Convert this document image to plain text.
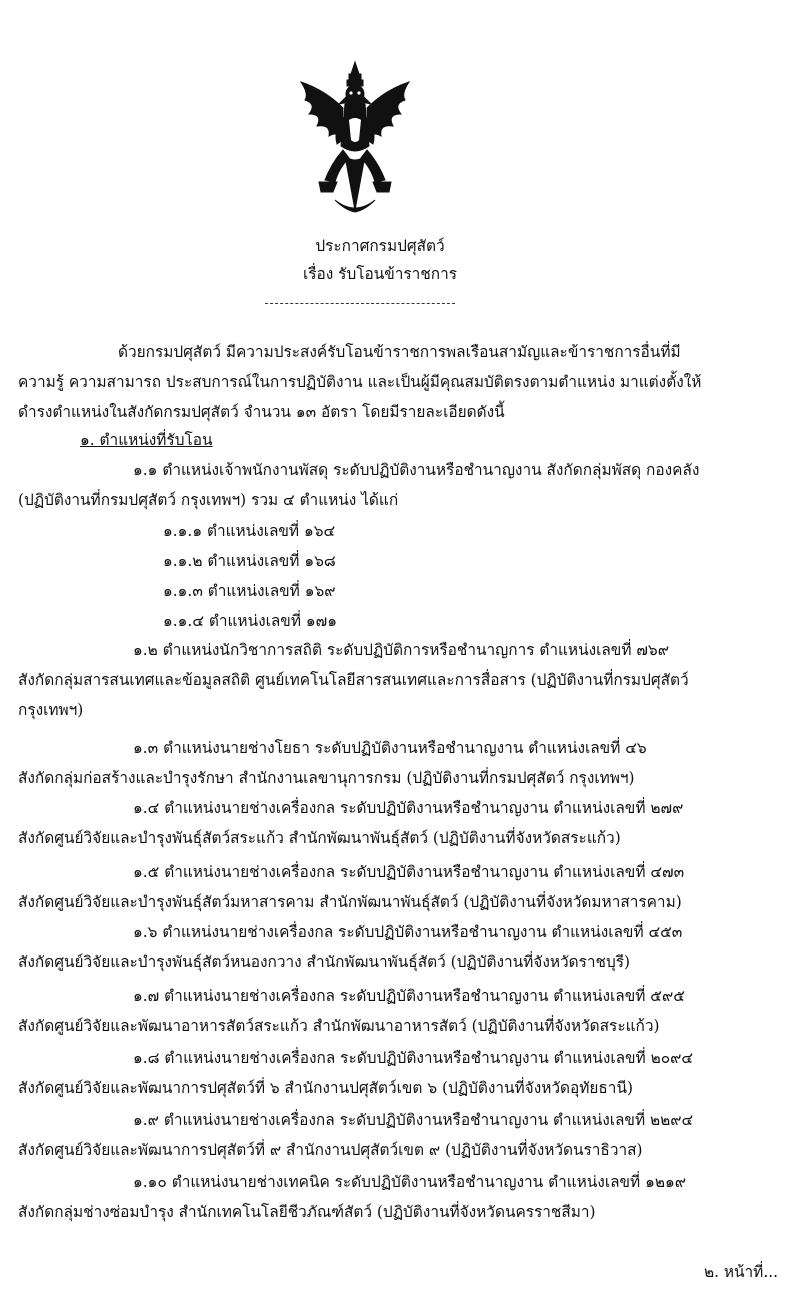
ประกาศกรมปศุสัตว์
เรื่อง รับโอนข้าราชการ
ด้วยกรมปศุสัตว์ มีความประสงค์รับโอนข้าราชการพลเรือนสามัญและข้าราชการอื่นที่มี
ความรู้ ความสามารถ ประสบการณ์ในการปฏิบัติงาน และเป็นผู้มีคุณสมบัติตรงตามตำแหน่ง มาแต่งตั้งให้
ดำรงตำแหน่งในสังกัดกรมปศุสัตว์ จำนวน ๑๓ อัตรา โดยมีรายละเอียดดังนี้
๑. ตำแหน่งที่รับโอน
๑.๑ ตำแหน่งเจ้าพนักงานพัสดุ ระดับปฏิบัติงานหรือชำนาญงาน สังกัดกลุ่มพัสดุ กองคลัง
(ปฏิบัติงานที่กรมปศุสัตว์ กรุงเทพฯ) รวม ๔ ตำแหน่ง ได้แก่
๑.๑.๑ ตำแหน่งเลขที่ ๑๖๔
๑.๑.๒ ตำแหน่งเลขที่ ๑๖๘
๑.๑.๓ ตำแหน่งเลขที่ ๑๖๙
๑.๑.๔ ตำแหน่งเลขที่ ๑๗๑
๑.๒ ตำแหน่งนักวิชาการสถิติ ระดับปฏิบัติการหรือชำนาญการ ตำแหน่งเลขที่ ๗๖๙
สังกัดกลุ่มสารสนเทศและข้อมูลสถิติ ศูนย์เทคโนโลยีสารสนเทศและการสื่อสาร (ปฏิบัติงานที่กรมปศุสัตว์
กรุงเทพฯ)
๑.๓ ตำแหน่งนายช่างโยธา ระดับปฏิบัติงานหรือชำนาญงาน ตำแหน่งเลขที่ ๔๖
สังกัดกลุ่มก่อสร้างและบำรุงรักษา สำนักงานเลขานุการกรม (ปฏิบัติงานที่กรมปศุสัตว์ กรุงเทพฯ)
๑.๔ ตำแหน่งนายช่างเครื่องกล ระดับปฏิบัติงานหรือชำนาญงาน ตำแหน่งเลขที่ ๒๗๙
สังกัดศูนย์วิจัยและบำรุงพันธุ์สัตว์สระแก้ว สำนักพัฒนาพันธุ์สัตว์ (ปฏิบัติงานที่จังหวัดสระแก้ว)
๑.๕ ตำแหน่งนายช่างเครื่องกล ระดับปฏิบัติงานหรือชำนาญงาน ตำแหน่งเลขที่ ๔๗๓
สังกัดศูนย์วิจัยและบำรุงพันธุ์สัตว์มหาสารคาม สำนักพัฒนาพันธุ์สัตว์ (ปฏิบัติงานที่จังหวัดมหาสารคาม)
๑.๖ ตำแหน่งนายช่างเครื่องกล ระดับปฏิบัติงานหรือชำนาญงาน ตำแหน่งเลขที่ ๔๕๓
สังกัดศูนย์วิจัยและบำรุงพันธุ์สัตว์หนองกวาง สำนักพัฒนาพันธุ์สัตว์ (ปฏิบัติงานที่จังหวัดราชบุรี)
๑.๗ ตำแหน่งนายช่างเครื่องกล ระดับปฏิบัติงานหรือชำนาญงาน ตำแหน่งเลขที่ ๕๙๕
สังกัดศูนย์วิจัยและพัฒนาอาหารสัตว์สระแก้ว สำนักพัฒนาอาหารสัตว์ (ปฏิบัติงานที่จังหวัดสระแก้ว)
๑.๘ ตำแหน่งนายช่างเครื่องกล ระดับปฏิบัติงานหรือชำนาญงาน ตำแหน่งเลขที่ ๒๐๙๔
สังกัดศูนย์วิจัยและพัฒนาการปศุสัตว์ที่ ๖ สำนักงานปศุสัตว์เขต ๖ (ปฏิบัติงานที่จังหวัดอุทัยธานี)
๑.๙ ตำแหน่งนายช่างเครื่องกล ระดับปฏิบัติงานหรือชำนาญงาน ตำแหน่งเลขที่ ๒๒๙๔
สังกัดศูนย์วิจัยและพัฒนาการปศุสัตว์ที่ ๙ สำนักงานปศุสัตว์เขต ๙ (ปฏิบัติงานที่จังหวัดนราธิวาส)
๑.๑๐ ตำแหน่งนายช่างเทคนิค ระดับปฏิบัติงานหรือชำนาญงาน ตำแหน่งเลขที่ ๑๒๑๙
สังกัดกลุ่มช่างซ่อมบำรุง สำนักเทคโนโลยีชีวภัณฑ์สัตว์ (ปฏิบัติงานที่จังหวัดนครราชสีมา)
๒. หน้าที่...
